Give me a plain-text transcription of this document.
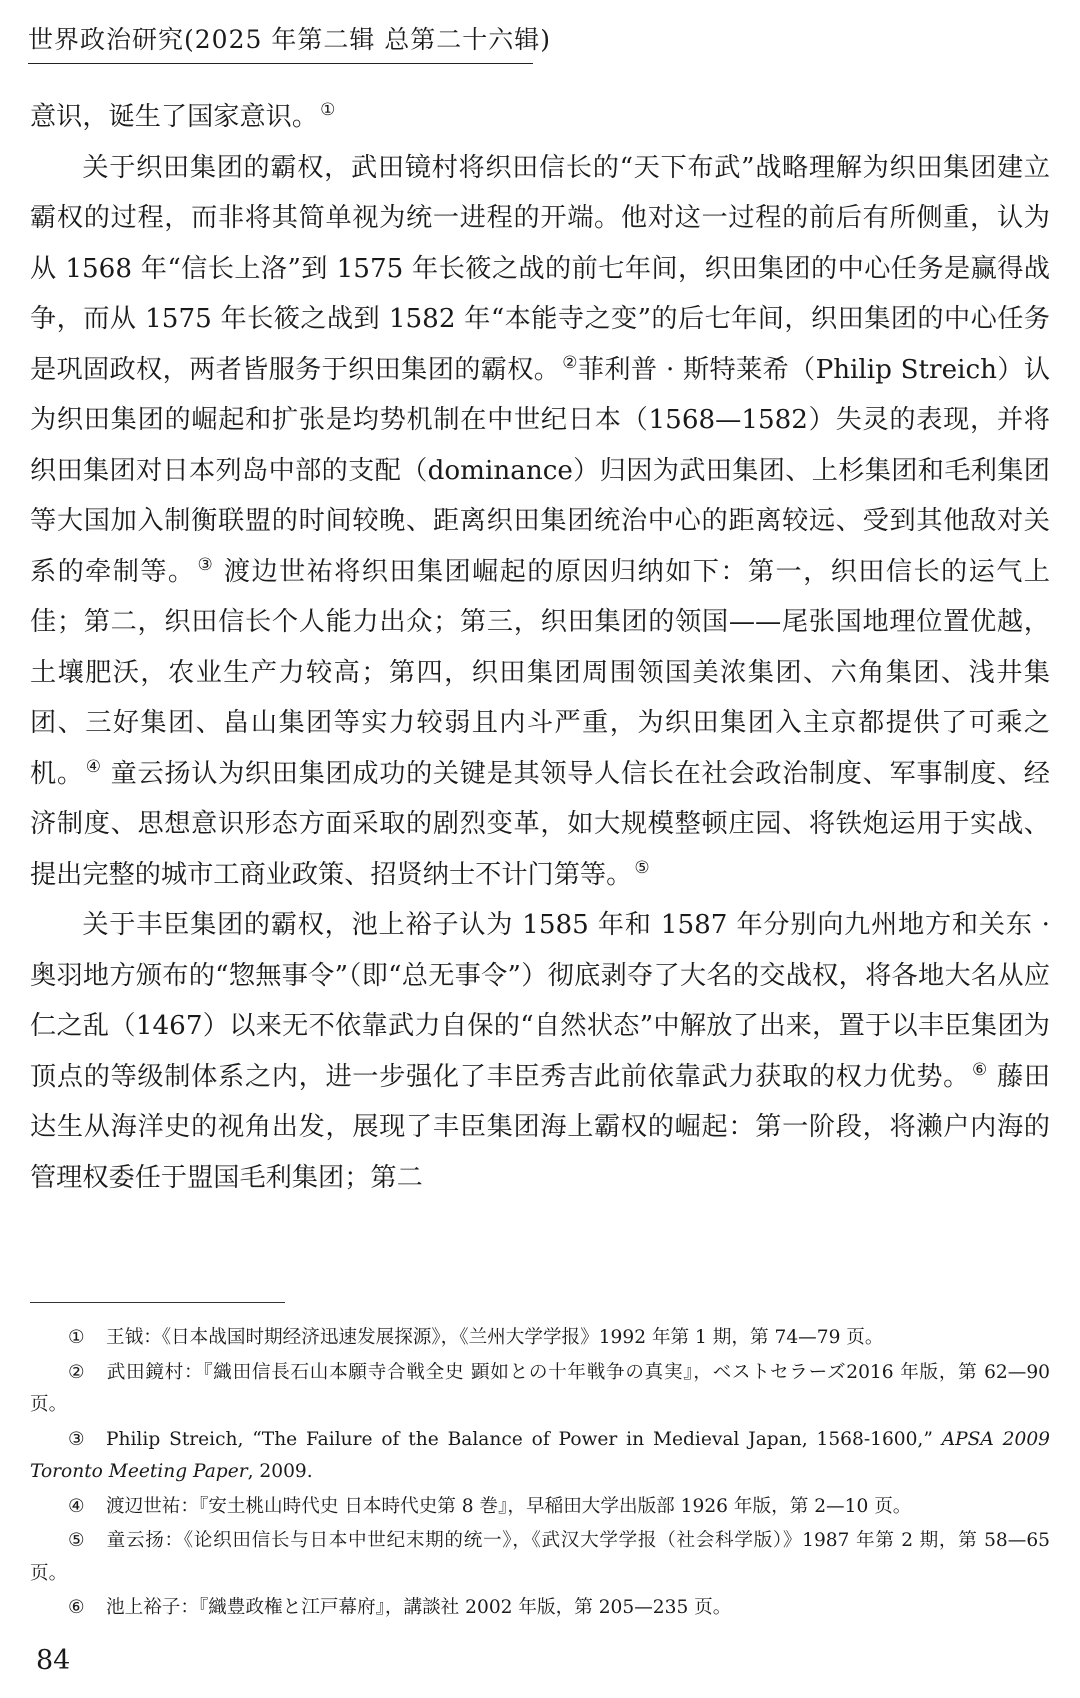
世界政治研究(2025 年第二辑 总第二十六辑)

意识，诞生了国家意识。 ①

关于织田集团的霸权，武田镜村将织田信长的“天下布武”战略理解为织田集团建立霸权的过程，而非将其简单视为统一进程的开端。他对这一过程的前后有所侧重，认为从 1568 年“信长上洛”到 1575 年长筱之战的前七年间，织田集团的中心任务是赢得战争，而从 1575 年长筱之战到 1582 年“本能寺之变”的后七年间，织田集团的中心任务是巩固政权，两者皆服务于织田集团的霸权。 ②菲利普 · 斯特莱希（Philip Streich）认为织田集团的崛起和扩张是均势机制在中世纪日本（1568—1582）失灵的表现，并将织田集团对日本列岛中部的支配（dominance）归因为武田集团、上杉集团和毛利集团等大国加入制衡联盟的时间较晚、距离织田集团统治中心的距离较远、受到其他敌对关系的牵制等。 ③ 渡边世祐将织田集团崛起的原因归纳如下：第一，织田信长的运气上佳；第二，织田信长个人能力出众；第三，织田集团的领国——尾张国地理位置优越，土壤肥沃，农业生产力较高；第四，织田集团周围领国美浓集团、六角集团、浅井集团、三好集团、畠山集团等实力较弱且内斗严重，为织田集团入主京都提供了可乘之机。 ④ 童云扬认为织田集团成功的关键是其领导人信长在社会政治制度、军事制度、经济制度、思想意识形态方面采取的剧烈变革，如大规模整顿庄园、将铁炮运用于实战、提出完整的城市工商业政策、招贤纳士不计门第等。 ⑤

关于丰臣集团的霸权，池上裕子认为 1585 年和 1587 年分别向九州地方和关东 · 奥羽地方颁布的“惣無事令”（即“总无事令”）彻底剥夺了大名的交战权，将各地大名从应仁之乱（1467）以来无不依靠武力自保的“自然状态”中解放了出来，置于以丰臣集团为顶点的等级制体系之内，进一步强化了丰臣秀吉此前依靠武力获取的权力优势。 ⑥ 藤田达生从海洋史的视角出发，展现了丰臣集团海上霸权的崛起：第一阶段，将濑户内海的管理权委任于盟国毛利集团；第二

① 王钺：《日本战国时期经济迅速发展探源》，《兰州大学学报》1992 年第 1 期，第 74—79 页。

② 武田鏡村：『織田信長石山本願寺合戦全史 顕如との十年戦争の真実』，ベストセラーズ2016 年版，第 62—90 页。

③ Philip Streich, “The Failure of the Balance of Power in Medieval Japan, 1568-1600,” APSA 2009 Toronto Meeting Paper, 2009.

④ 渡辺世祐：『安土桃山時代史 日本時代史第 8 巻』，早稲田大学出版部 1926 年版，第 2—10 页。

⑤ 童云扬：《论织田信长与日本中世纪末期的统一》，《武汉大学学报（社会科学版）》1987 年第 2 期，第 58—65 页。

⑥ 池上裕子：『織豊政権と江戸幕府』，講談社 2002 年版，第 205—235 页。

84
